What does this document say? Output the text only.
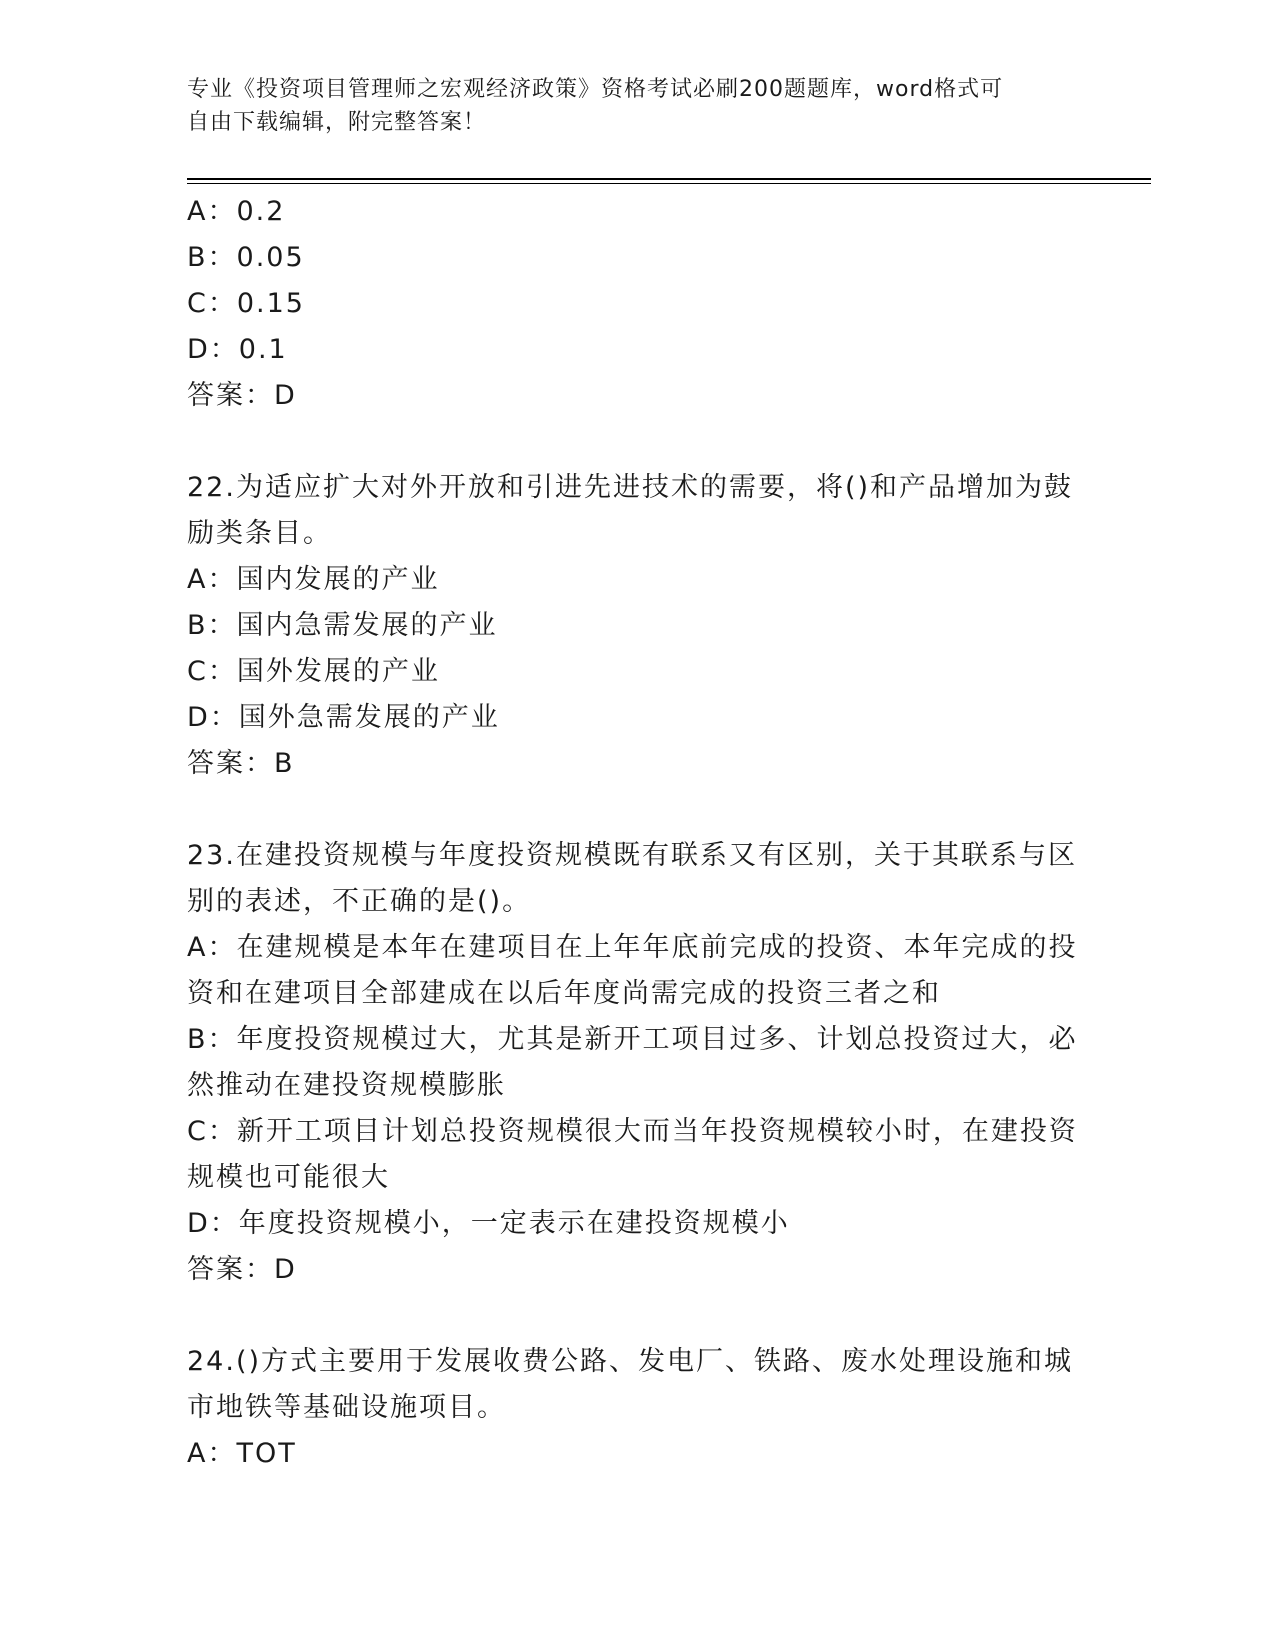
专业《投资项目管理师之宏观经济政策》资格考试必刷200题题库，word格式可
自由下载编辑，附完整答案！
A：0.2
B：0.05
C：0.15
D：0.1
答案：D
22.为适应扩大对外开放和引进先进技术的需要，将()和产品增加为鼓
励类条目。
A：国内发展的产业
B：国内急需发展的产业
C：国外发展的产业
D：国外急需发展的产业
答案：B
23.在建投资规模与年度投资规模既有联系又有区别，关于其联系与区
别的表述，不正确的是()。
A：在建规模是本年在建项目在上年年底前完成的投资、本年完成的投
资和在建项目全部建成在以后年度尚需完成的投资三者之和
B：年度投资规模过大，尤其是新开工项目过多、计划总投资过大，必
然推动在建投资规模膨胀
C：新开工项目计划总投资规模很大而当年投资规模较小时，在建投资
规模也可能很大
D：年度投资规模小，一定表示在建投资规模小
答案：D
24.()方式主要用于发展收费公路、发电厂、铁路、废水处理设施和城
市地铁等基础设施项目。
A：TOT
